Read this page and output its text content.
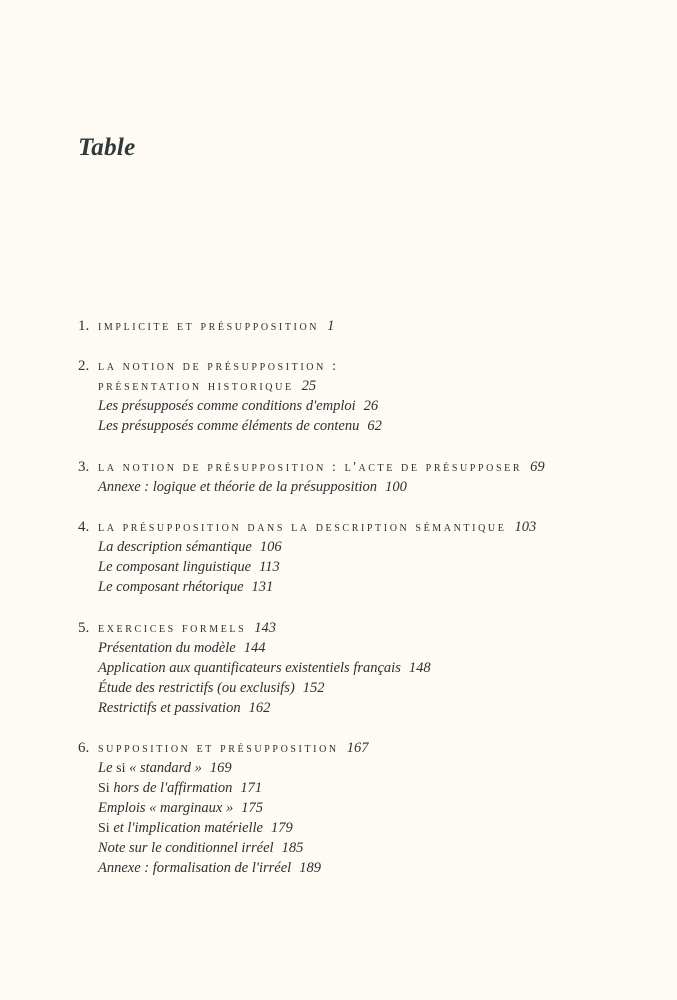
Table
1. implicite et présupposition 1
2. la notion de présupposition :
présentation historique 25
Les présupposés comme conditions d'emploi 26
Les présupposés comme éléments de contenu 62
3. la notion de présupposition : l'acte de présupposer 69
Annexe : logique et théorie de la présupposition 100
4. la présupposition dans la description sémantique 103
La description sémantique 106
Le composant linguistique 113
Le composant rhétorique 131
5. exercices formels 143
Présentation du modèle 144
Application aux quantificateurs existentiels français 148
Étude des restrictifs (ou exclusifs) 152
Restrictifs et passivation 162
6. supposition et présupposition 167
Le si « standard » 169
Si hors de l'affirmation 171
Emplois « marginaux » 175
Si et l'implication matérielle 179
Note sur le conditionnel irréel 185
Annexe : formalisation de l'irréel 189
